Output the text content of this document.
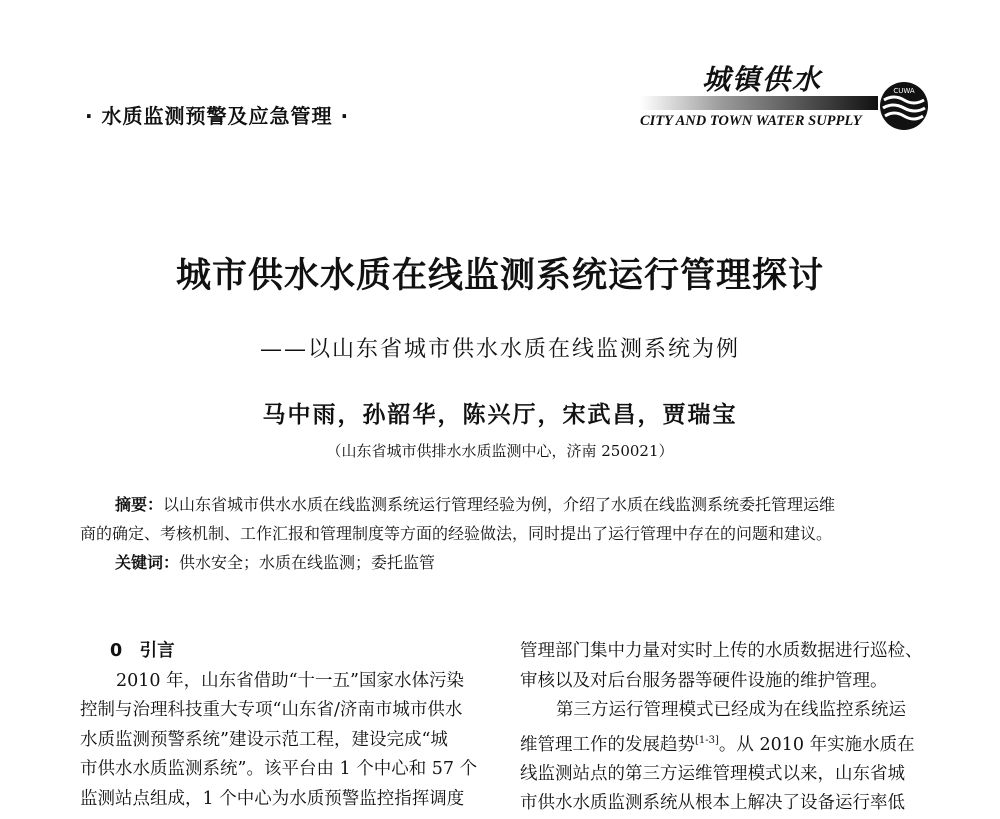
· 水质监测预警及应急管理 ·
城镇供水
CITY AND TOWN WATER SUPPLY
CUWA
城市供水水质在线监测系统运行管理探讨
——以山东省城市供水水质在线监测系统为例
马中雨，孙韶华，陈兴厅，宋武昌，贾瑞宝
（山东省城市供排水水质监测中心，济南 250021）
摘要：以山东省城市供水水质在线监测系统运行管理经验为例，介绍了水质在线监测系统委托管理运维
商的确定、考核机制、工作汇报和管理制度等方面的经验做法，同时提出了运行管理中存在的问题和建议。
关键词：供水安全；水质在线监测；委托监管
0　引言
2010 年，山东省借助“十一五”国家水体污染
控制与治理科技重大专项“山东省/济南市城市供水
水质监测预警系统”建设示范工程，建设完成“城
市供水水质监测系统”。该平台由 1 个中心和 57 个
监测站点组成，1 个中心为水质预警监控指挥调度
管理部门集中力量对实时上传的水质数据进行巡检、
审核以及对后台服务器等硬件设施的维护管理。
第三方运行管理模式已经成为在线监控系统运
维管理工作的发展趋势[1-3]。从 2010 年实施水质在
线监测站点的第三方运维管理模式以来，山东省城
市供水水质监测系统从根本上解决了设备运行率低
